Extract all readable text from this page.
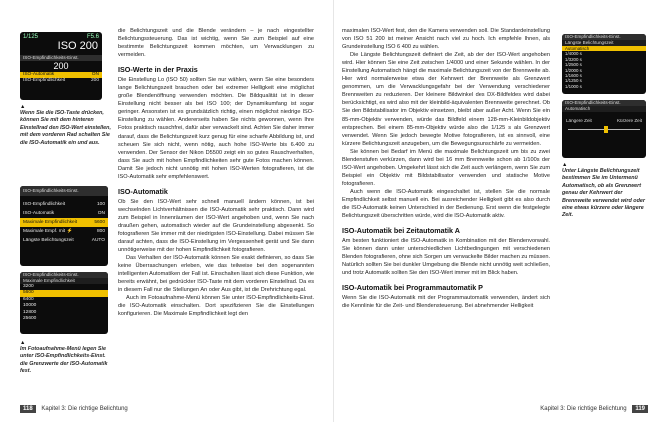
1/125	F5.6
ISO 200
ISO-Empfindlichkeits-Einst.
200
ISO-Automatik	ON
ISO-Empfindlichkeit	200
▲
Wenn Sie die ISO-Taste drücken, können Sie mit dem hinteren Einstellrad den ISO-Wert einstellen, mit dem vorderen Rad schalten Sie die ISO-Automatik ein und aus.
ISO-Empfindlichkeits-Einst.
ISO-Empfindlichkeit	100
ISO-Automatik	ON
Maximale Empfindlichkeit	5600
Maximale Empf. mit ⚡	800
Längste Belichtungszeit	AUTO
ISO-Empfindlichkeits-Einst.
Maximale Empfindlichkeit
3200
5600
6400
10000
12800
25600
▲
Im Fotoaufnahme-Menü legen Sie unter ISO-Empfindlichkeits-Einst. die Grenzwerte der ISO-Automatik fest.

die Belichtungszeit und die Blende verändern – je nach eingestellter Belichtungssteuerung. Das ist wichtig, wenn Sie zum Beispiel auf eine bestimmte Belichtungszeit kommen möchten, um Verwacklungen zu vermeiden.

ISO-Werte in der Praxis

Die Einstellung Lo (ISO 50) sollten Sie nur wählen, wenn Sie eine besonders lange Belichtungszeit brauchen oder bei extremer Helligkeit eine möglichst große Blendenöffnung verwenden möchten. Die Bildqualität ist in dieser Einstellung nicht besser als bei ISO 100; der Dynamikumfang ist sogar geringer. Ansonsten ist es grundsätzlich richtig, einen möglichst niedrige ISO-Einstellung zu wählen. Andererseits haben Sie nichts gewonnen, wenn Ihre Fotos praktisch rauschfrei, dafür aber verwackelt sind. Achten Sie daher immer darauf, dass die Belichtungszeit kurz genug für eine scharfe Abbildung ist, und scheuen Sie sich nicht, wenn nötig, auch hohe ISO-Werte bis 6.400 zu verwenden. Der Sensor der Nikon D5500 zeigt ein so gutes Rauschverhalten, dass Sie auch mit hohen Empfindlichkeiten sehr gute Fotos machen können. Damit Sie jedoch nicht unnötig mit hohen ISO-Werten fotografieren, ist die ISO-Automatik sehr empfehlenswert.

ISO-Automatik

Ob Sie den ISO-Wert sehr schnell manuell ändern können, ist bei wechselnden Lichtverhältnissen die ISO-Automatik sehr praktisch. Dann wird zum Beispiel in Innenräumen der ISO-Wert angehoben und, wenn Sie nach draußen gehen, automatisch wieder auf die Grundeinstellung abgesenkt. So fotografieren Sie immer mit der niedrigsten ISO-Einstellung. Dabei müssen Sie darauf achten, dass die ISO-Einstellung im Vergessenheit gerät und Sie dann unnötigerweise mit der hohen Empfindlichkeit fotografieren.

Das Verhalten der ISO-Automatik können Sie exakt definieren, so dass Sie keine Überraschungen erleben, wie das teilweise bei den sogenannten intelligenten Automatiken der Fall ist. Einschalten lässt sich diese Funktion, wie bereits erwähnt, bei gedrückter ISO-Taste mit dem vorderen Einstellrad. Da es in diesem Fall nur die Stellungen An oder Aus gibt, ist die Drehrichtung egal.

Auch im Fotoaufnahme-Menü können Sie unter ISO-Empfindlichkeits-Einst. die ISO-Automatik einschalten. Dort spezifizieren Sie die Einstellungen konfigurieren. Die Maximale Empfindlichkeit legt den

118 Kapitel 3: Die richtige Belichtung

maximalen ISO-Wert fest, den die Kamera verwenden soll. Die Standardeinstellung von ISO 51 200 ist meiner Ansicht nach viel zu hoch. Ich empfehle Ihnen, als Grundeinstellung ISO 6 400 zu wählen.

Die Längste Belichtungszeit definiert die Zeit, ab der der ISO-Wert angehoben wird. Hier können Sie eine Zeit zwischen 1/4000 und einer Sekunde wählen. In der Einstellung Automatisch hängt die maximale Belichtungszeit von der Brennweite ab. Hier wird normalerweise etwa der Kehrwert der Brennweite als Grenzwert genommen, um die Verwacklungsgefahr bei der Verwendung verschiedener Brennweiten zu reduzieren. Der kleinere Bildwinkel des DX-Bildfeldes wird dabei berücksichtigt, es wird also mit der kleinbild-äquivalenten Brennweite gerechnet. Ob Sie den Bildstabilisator im Objektiv einsetzen, bleibt aber außer Acht. Wenn Sie ein 85-mm-Objektiv verwenden, würde das Bildfeld einem 128-mm-Kleinbildobjektiv entsprechen. Bei einem 85-mm-Objektiv würde also die 1/125 s als Grenzwert verwendet. Wenn Sie jedoch bewegte Motive fotografieren, ist es sinnvoll, eine kürzere Belichtungszeit anzugeben, um die Bewegungsunschärfe zu vermeiden.

Sie können bei Bedarf im Menü die maximale Belichtungszeit um bis zu zwei Blendenstufen verkürzen, dann wird bei 16 mm Brennweite schon ab 1/100s der ISO-Wert angehoben. Umgekehrt lässt sich die Zeit auch verlängern, wenn Sie zum Beispiel ein Objektiv mit Bildstabilisator verwenden und statische Motive fotografieren.

Auch wenn die ISO-Automatik eingeschaltet ist, stellen Sie die normale Empfindlichkeit selbst manuell ein. Bei ausreichender Helligkeit gibt es also durch die ISO-Automatik keinen Unterschied in der Bedienung. Erst wenn die festgelegte Belichtungszeit überschritten würde, wird die ISO-Automatik aktiv.

ISO-Automatik bei Zeitautomatik A

Am besten funktioniert die ISO-Automatik in Kombination mit der Blendenvorwahl. Sie können dann unter unterschiedlichen Lichtbedingungen mit verschiedenen Blenden fotografieren, ohne sich Sorgen um verwackelte Bilder machen zu müssen. Natürlich sollten Sie bei dunkler Umgebung die Blende nicht unnötig weit schließen, und trotz Automatik sollten Sie den ISO-Wert immer mit im Blick haben.

ISO-Automatik bei Programmautomatik P

Wenn Sie die ISO-Automatik mit der Programmautomatik verwenden, ändert sich die Kennlinie für die Zeit- und Blendensteuerung. Bei abnehmender Helligkeit

ISO-Empfindlichkeits-Einst.
Längste Belichtungszeit
Automatisch
1/4000 s
1/3200 s
1/2500 s
1/2000 s
1/1600 s
1/1250 s
1/1000 s
ISO-Empfindlichkeits-Einst.
Automatisch
Längere Zeit	Kürzere Zeit
▲
Unter Längste Belichtungszeit bestimmen Sie im Untermenü Automatisch, ob als Grenzwert genau der Kehrwert der Brennweite verwendet wird oder eine etwas kürzere oder längere Zeit.
Kapitel 3: Die richtige Belichtung 119
